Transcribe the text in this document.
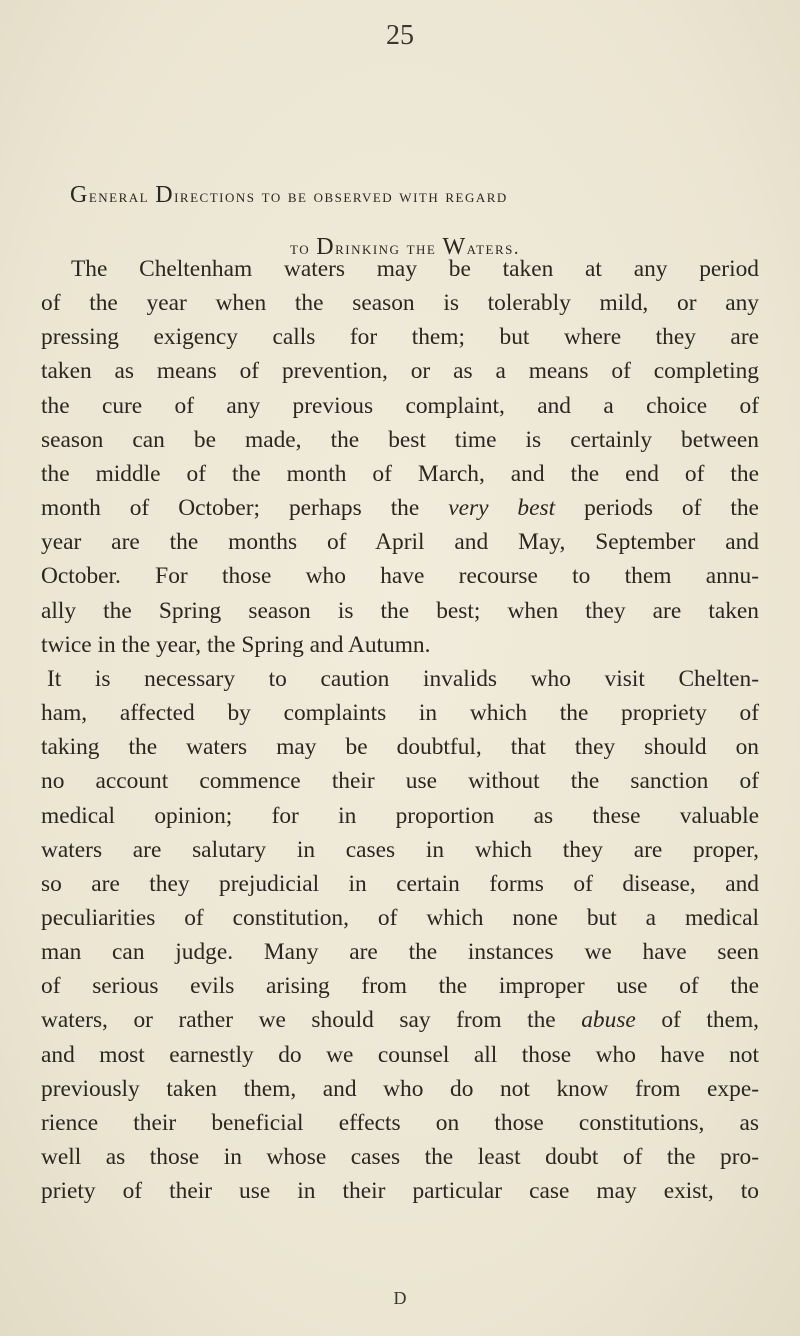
25
General Directions to be observed with regard
to Drinking the Waters.
The Cheltenham waters may be taken at any period
of the year when the season is tolerably mild, or any
pressing exigency calls for them; but where they are
taken as means of prevention, or as a means of completing
the cure of any previous complaint, and a choice of
season can be made, the best time is certainly between
the middle of the month of March, and the end of the
month of October; perhaps the very best periods of the
year are the months of April and May, September and
October. For those who have recourse to them annu-
ally the Spring season is the best; when they are taken
twice in the year, the Spring and Autumn.
It is necessary to caution invalids who visit Chelten-
ham, affected by complaints in which the propriety of
taking the waters may be doubtful, that they should on
no account commence their use without the sanction of
medical opinion; for in proportion as these valuable
waters are salutary in cases in which they are proper,
so are they prejudicial in certain forms of disease, and
peculiarities of constitution, of which none but a medical
man can judge. Many are the instances we have seen
of serious evils arising from the improper use of the
waters, or rather we should say from the abuse of them,
and most earnestly do we counsel all those who have not
previously taken them, and who do not know from expe-
rience their beneficial effects on those constitutions, as
well as those in whose cases the least doubt of the pro-
priety of their use in their particular case may exist, to
D
